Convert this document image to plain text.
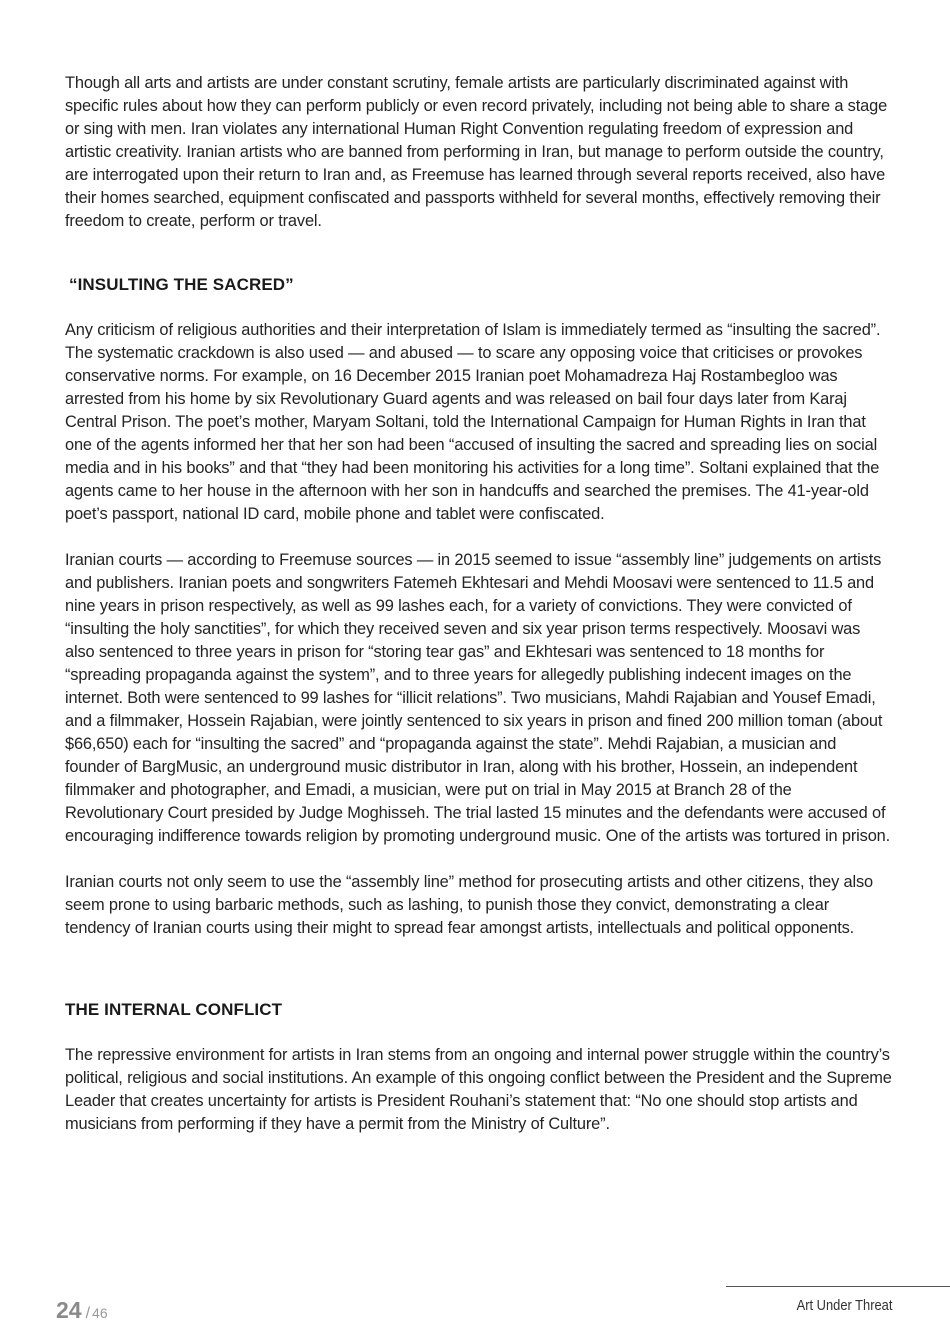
Though all arts and artists are under constant scrutiny, female artists are particularly discriminated against with specific rules about how they can perform publicly or even record privately, including not being able to share a stage or sing with men. Iran violates any international Human Right Convention regulating freedom of expression and artistic creativity. Iranian artists who are banned from performing in Iran, but manage to perform outside the country, are interrogated upon their return to Iran and, as Freemuse has learned through several reports received, also have their homes searched, equipment confiscated and passports withheld for several months, effectively removing their freedom to create, perform or travel.

“INSULTING THE SACRED”

Any criticism of religious authorities and their interpretation of Islam is immediately termed as “insulting the sacred”. The systematic crackdown is also used — and abused — to scare any opposing voice that criticises or provokes conservative norms. For example, on 16 December 2015 Iranian poet Mohamadreza Haj Rostambegloo was arrested from his home by six Revolutionary Guard agents and was released on bail four days later from Karaj Central Prison. The poet’s mother, Maryam Soltani, told the International Campaign for Human Rights in Iran that one of the agents informed her that her son had been “accused of insulting the sacred and spreading lies on social media and in his books” and that “they had been monitoring his activities for a long time”. Soltani explained that the agents came to her house in the afternoon with her son in handcuffs and searched the premises. The 41-year-old poet’s passport, national ID card, mobile phone and tablet were confiscated.

Iranian courts — according to Freemuse sources — in 2015 seemed to issue “assembly line” judgements on artists and publishers. Iranian poets and songwriters Fatemeh Ekhtesari and Mehdi Moosavi were sentenced to 11.5 and nine years in prison respectively, as well as 99 lashes each, for a variety of convictions. They were convicted of “insulting the holy sanctities”, for which they received seven and six year prison terms respectively. Moosavi was also sentenced to three years in prison for “storing tear gas” and Ekhtesari was sentenced to 18 months for “spreading propaganda against the system”, and to three years for allegedly publishing indecent images on the internet. Both were sentenced to 99 lashes for “illicit relations”. Two musicians, Mahdi Rajabian and Yousef Emadi, and a filmmaker, Hossein Rajabian, were jointly sentenced to six years in prison and fined 200 million toman (about $66,650) each for “insulting the sacred” and “propaganda against the state”. Mehdi Rajabian, a musician and founder of BargMusic, an underground music distributor in Iran, along with his brother, Hossein, an independent filmmaker and photographer, and Emadi, a musician, were put on trial in May 2015 at Branch 28 of the Revolutionary Court presided by Judge Moghisseh. The trial lasted 15 minutes and the defendants were accused of encouraging indifference towards religion by promoting underground music. One of the artists was tortured in prison.

Iranian courts not only seem to use the “assembly line” method for prosecuting artists and other citizens, they also seem prone to using barbaric methods, such as lashing, to punish those they convict, demonstrating a clear tendency of Iranian courts using their might to spread fear amongst artists, intellectuals and political opponents.

THE INTERNAL CONFLICT

The repressive environment for artists in Iran stems from an ongoing and internal power struggle within the country’s political, religious and social institutions. An example of this ongoing conflict between the President and the Supreme Leader that creates uncertainty for artists is President Rouhani’s statement that: “No one should stop artists and musicians from performing if they have a permit from the Ministry of Culture”.

24 / 46	Art Under Threat
